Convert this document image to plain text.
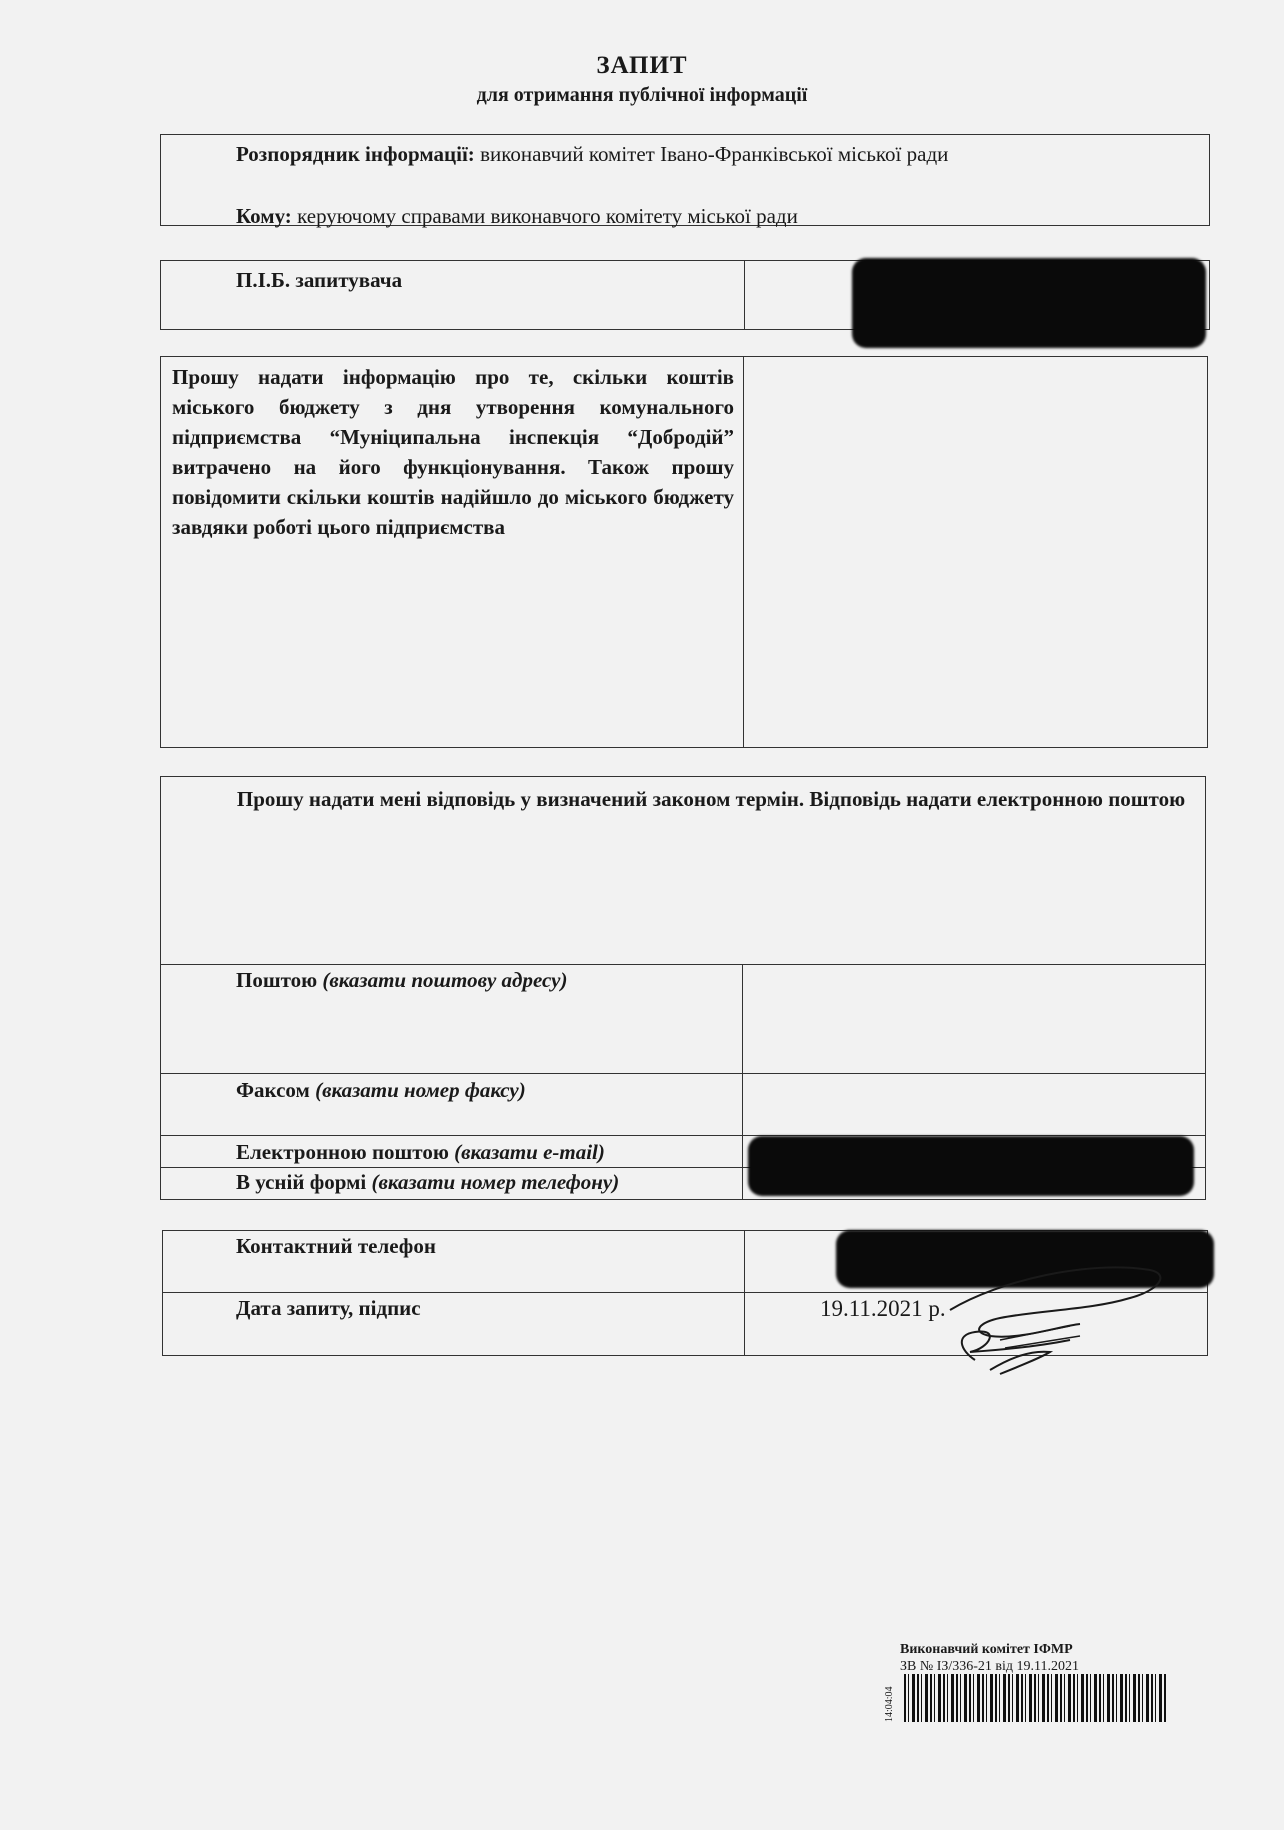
ЗАПИТ
для отримання публічної інформації
Розпорядник інформації: виконавчий комітет Івано-Франківської міської ради
Кому: керуючому справами виконавчого комітету міської ради
П.І.Б. запитувача
Прошу надати інформацію про те, скільки коштів міського бюджету з дня утворення комунального підприємства “Муніципальна інспекція “Добродій” витрачено на його функціонування. Також прошу повідомити скільки коштів надійшло до міського бюджету завдяки роботі цього підприємства
Прошу надати мені відповідь у визначений законом термін. Відповідь надати електронною поштою
Поштою (вказати поштову адресу)
Факсом (вказати номер факсу)
Електронною поштою (вказати e-mail)
В усній формі (вказати номер телефону)
Контактний телефон
Дата запиту, підпис	19.11.2021 р.
Виконавчий комітет ІФМР
ЗВ № ІЗ/336-21 від 19.11.2021
14:04:04
